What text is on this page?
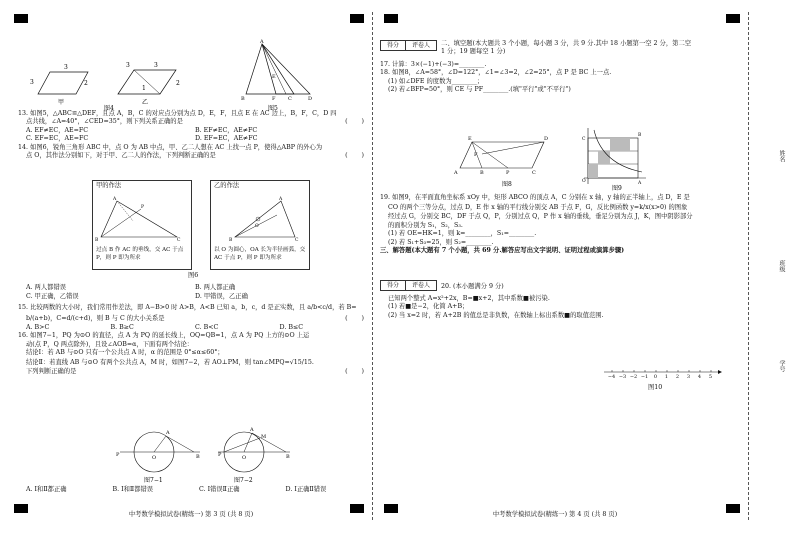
3
3
2
3	3
2
1
甲	乙
图4
A
B	D
F	C
E
图5

13. 如图5，△ABC≌△DEF，且点 A，B，C 的对应点分别为点 D，E，F，且点 E 在 AC 边上，B，F，C，D 四

点共线，∠A=40°，∠CED=35°，则下列关系正确的是	(       )

A. EF≠EC，AE=FC	B. EF≠EC，AE≠FC
C. EF=EC，AE=FC	D. EF=EC，AE≠FC

14. 如图6，锐角三角形 ABC 中，点 O 为 AB 中点，甲、乙二人想在 AC 上找一点 P，使得△ABP 的外心为

点 O，其作法分别如下，对于甲、乙二人的作法，下列判断正确的是	(       )

甲的作法
A
B	C
P
过点 B 作 AC 的垂线，交 AC 于点 P，则 P 即为所求
乙的作法
A
B	C
O
以 O 为圆心，OA 长为半径画弧，交 AC 于点 P，则 P 即为所求
图6
A. 两人都错误	B. 两人都正确
C. 甲正确，乙错误	D. 甲错误，乙正确

15. 比较两数的大小时，我们常用作差法，即 A−B>0 时 A>B，A<B 已知 a，b，c，d 是正实数，且 a/b<c/d，若 B=

b/(a+b)，C=d/(c+d)，则 B 与 C 的大小关系是	(       )

A. B>C	B. B≥C	C. B<C	D. B≤C

16. 如图7−1，PQ 为⊙O 的直径，点 A 为 PQ 的延长线上，OQ=QB=1，点 A 为 PQ 上方的⊙O 上运

动(点 P，Q 两点除外)，且设∠AOB=α，下面有两个结论：

结论Ⅰ：若 AB 与⊙O 只有一个公共点 A 时，α 的范围是 0°≤α≤60°；

结论Ⅱ：若直线 AB 与⊙O 有两个公共点 A，M 时，如图7−2，若 AO⊥PM，则 tan∠MPQ=√15/15.

下列判断正确的是	(       )

P	B
A
O	P	B
A
M
O
图7−1	图7−2
A. Ⅰ和Ⅱ都正确	B. Ⅰ和Ⅱ都错误	C. Ⅰ错误Ⅱ正确	D. Ⅰ正确Ⅱ错误
中考数学模拟试卷(精练一) 第 3 页 (共 8 页)
得分	评卷人	二、填空题(本大题共 3 个小题，每小题 3 分，共 9 分.其中 18 小题第一空 2 分，第二空

1 分；19 题每空 1 分)

17. 计算：3×(−1)+(−3)=________.

18. 如图8，∠A=58°，∠D=122°，∠1=∠3=2，∠2=25°，点 P 是 BC 上一点.

(1) 如∠DFE 的度数为________；

(2) 若∠BFP=50°，则 CE 与 PF________.(填"平行"或"不平行")

E
A
D
C
B	P
F
图8
C
O	A
B
图9

19. 如图9，在平面直角坐标系 xOy 中，矩形 ABCO 的顶点 A，C 分别在 x 轴，y 轴的正半轴上，点 D，E 是

CO 的两个三等分点，过点 D，E 作 x 轴的平行线分别交 AB 于点 F，G，反比例函数 y=k/x(x>0) 的图象

经过点 G，分别交 BC，DF 于点 Q，P，分别过点 Q，P 作 x 轴的垂线，垂足分别为点 J，K，图中阴影部分

的面积分别为 S₁，S₂，S₃.

(1) 若 OE=HK=1，则 k=________，S₁=________.

(2) 若 S₁+S₃=25，则 S₂=________.

三、解答题(本大题有 7 个小题，共 69 分.解答应写出文字说明、证明过程或演算步骤)

得分	评卷人	20. (本小题满分 9 分)

已知两个整式 A=x²+2x，B=■x+2，其中系数■被污染.

(1) 若■是−2，化简 A+B；

(2) 当 x=2 时，若 A+2B 的值总是非负数，在数轴上标出系数■的取值范围.

−4 −3 −2 −1	0	1	2	3	4	5
图10
中考数学模拟试卷(精练一) 第 4 页 (共 8 页)
姓名
班级
学号
